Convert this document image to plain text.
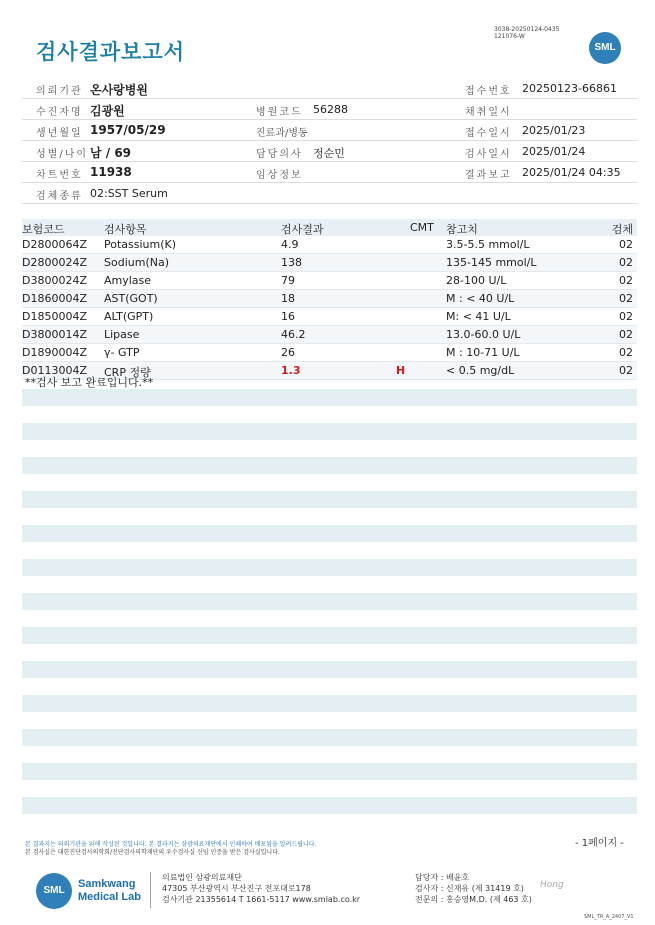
검사결과보고서
3038-20250124-0435
121076-W
SML
의뢰기관 온사랑병원	접수번호 20250123-66861
수진자명 김광원	병원코드 56288	채취일시
생년월일 1957/05/29	진료과/병동	접수일시 2025/01/23
성별/나이 남 / 69	담당의사 정순민	검사일시 2025/01/24
차트번호 11938	임상정보	결과보고 2025/01/24 04:35
검체종류 02:SST Serum
보험코드	검사항목	검사결과	CMT 참고치	검체
D2800064Z Potassium(K)	4.9	3.5-5.5 mmol/L	02
D2800024Z Sodium(Na)	138	135-145 mmol/L	02
D3800024Z Amylase	79	28-100 U/L	02
D1860004Z AST(GOT)	18	M : < 40 U/L	02
D1850004Z ALT(GPT)	16	M: < 41 U/L	02
D3800014Z Lipase	46.2	13.0-60.0 U/L	02
D1890004Z γ- GTP	26	M : 10-71 U/L	02
D0113004Z CRP 정량	1.3	H	< 0.5 mg/dL	02
**검사 보고 완료입니다.**
- 1페이지 -
본 결과지는 의뢰기관을 위해 작성된 것입니다. 본 결과지는 삼광의료재단에서 인쇄하여 배포됨을 알려드립니다.
본 검사실은 대한진단검사의학회/진단검사의학재단의 우수검사실 신임 인증을 받은 검사실입니다.
SML
Samkwang
Medical Lab
의료법인 삼광의료재단
47305 부산광역시 부산진구 전포대로178
검사기관 21355614 T 1661-5117 www.smlab.co.kr
담당자 : 배윤호
검사자 : 신재유 (제 31419 호)
전문의 : 홍승영M.D. (제 463 호)
Hong
SML_TR_A_2407_V1
